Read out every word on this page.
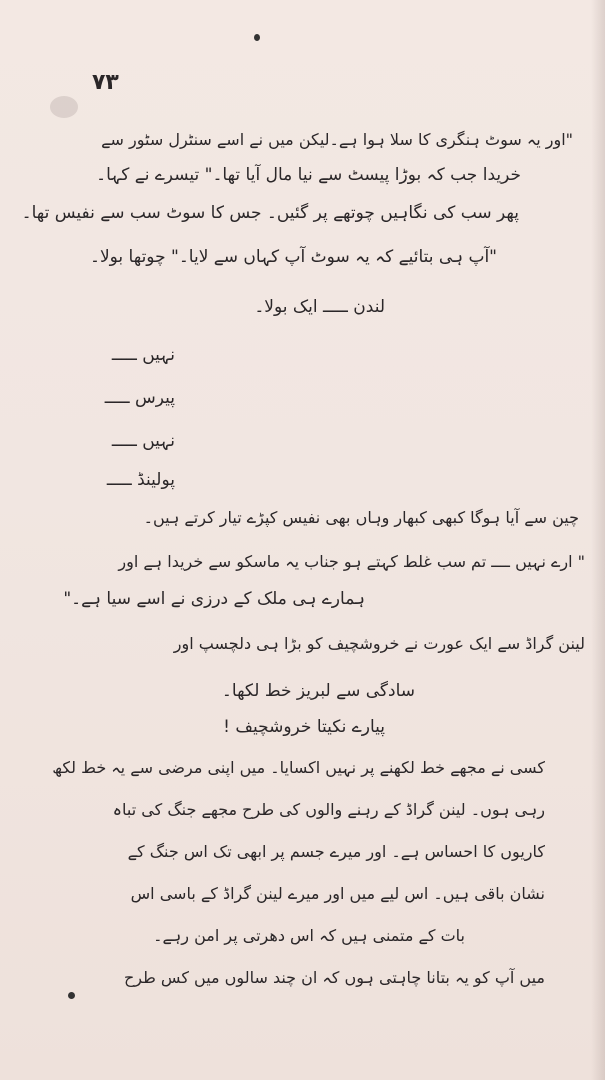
۷۳
"اور یہ سوٹ ہنگری کا سلا ہوا ہے۔لیکن میں نے اسے سنٹرل سٹور سے
خریدا جب کہ بوڑا پیسٹ سے نیا مال آیا تھا۔" تیسرے نے کہا۔
پھر سب کی نگاہیں چوتھے پر گئیں۔ جس کا سوٹ سب سے نفیس تھا۔
"آپ ہی بتائیے کہ یہ سوٹ آپ کہاں سے لایا۔" چوتھا بولا۔
لندن ـــــ ایک بولا۔
نہیں ـــــ
پیرس ـــــ
نہیں ـــــ
پولینڈ ـــــ
چین سے آیا ہوگا کبھی کبھار وہاں بھی نفیس کپڑے تیار کرتے ہیں۔
" ارے نہیں ــــ تم سب غلط کہتے ہو جناب یہ ماسکو سے خریدا ہے اور
ہمارے ہی ملک کے درزی نے اسے سیا ہے۔"
لینن گراڈ سے ایک عورت نے خروشچیف کو بڑا ہی دلچسپ اور
سادگی سے لبریز خط لکھا۔
پیارے نکیتا خروشچیف !
کسی نے مجھے خط لکھنے پر نہیں اکسایا۔ میں اپنی مرضی سے یہ خط لکھ
رہی ہوں۔ لینن گراڈ کے رہنے والوں کی طرح مجھے جنگ کی تباہ
کاریوں کا احساس ہے۔ اور میرے جسم پر ابھی تک اس جنگ کے
نشان باقی ہیں۔ اس لیے میں اور میرے لینن گراڈ کے باسی اس
بات کے متمنی ہیں کہ اس دھرتی پر امن رہے۔
میں آپ کو یہ بتانا چاہتی ہوں کہ ان چند سالوں میں کس طرح
